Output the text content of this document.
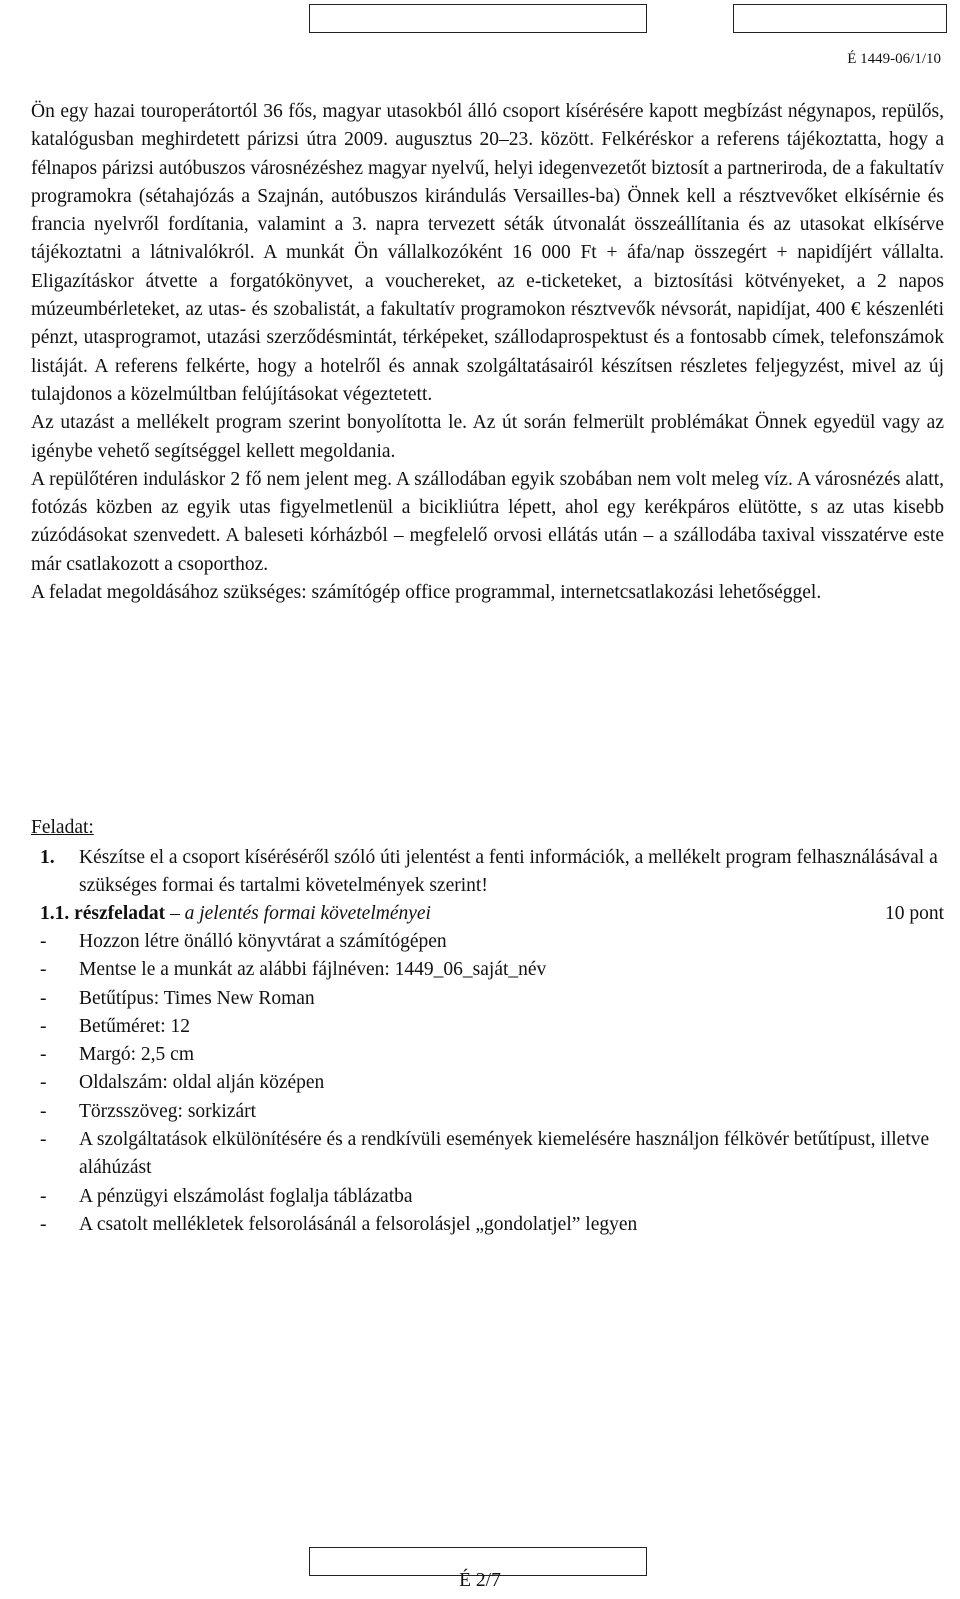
É 1449-06/1/10

Ön egy hazai touroperátortól 36 fős, magyar utasokból álló csoport kísérésére kapott megbízást négynapos, repülős, katalógusban meghirdetett párizsi útra 2009. augusztus 20–23. között. Felkéréskor a referens tájékoztatta, hogy a félnapos párizsi autóbuszos városnézéshez magyar nyelvű, helyi idegenvezetőt biztosít a partneriroda, de a fakultatív programokra (sétahajózás a Szajnán, autóbuszos kirándulás Versailles-ba) Önnek kell a résztvevőket elkísérnie és francia nyelvről fordítania, valamint a 3. napra tervezett séták útvonalát összeállítania és az utasokat elkísérve tájékoztatni a látnivalókról. A munkát Ön vállalkozóként 16 000 Ft + áfa/nap összegért + napidíjért vállalta. Eligazításkor átvette a forgatókönyvet, a vouchereket, az e-ticketeket, a biztosítási kötvényeket, a 2 napos múzeumbérleteket, az utas- és szobalistát, a fakultatív programokon résztvevők névsorát, napidíjat, 400 € készenléti pénzt, utasprogramot, utazási szerződésmintát, térképeket, szállodaprospektust és a fontosabb címek, telefonszámok listáját. A referens felkérte, hogy a hotelről és annak szolgáltatásairól készítsen részletes feljegyzést, mivel az új tulajdonos a közelmúltban felújításokat végeztetett.

Az utazást a mellékelt program szerint bonyolította le. Az út során felmerült problémákat Önnek egyedül vagy az igénybe vehető segítséggel kellett megoldania.

A repülőtéren induláskor 2 fő nem jelent meg. A szállodában egyik szobában nem volt meleg víz. A városnézés alatt, fotózás közben az egyik utas figyelmetlenül a bicikliútra lépett, ahol egy kerékpáros elütötte, s az utas kisebb zúzódásokat szenvedett. A baleseti kórházból – megfelelő orvosi ellátás után – a szállodába taxival visszatérve este már csatlakozott a csoporthoz.

A feladat megoldásához szükséges: számítógép office programmal, internetcsatlakozási lehetőséggel.

Feladat:
1. Készítse el a csoport kíséréséről szóló úti jelentést a fenti információk, a mellékelt program felhasználásával a szükséges formai és tartalmi követelmények szerint!
1.1. részfeladat – a jelentés formai követelményei	10 pont
- Hozzon létre önálló könyvtárat a számítógépen
- Mentse le a munkát az alábbi fájlnéven: 1449_06_saját_név
- Betűtípus: Times New Roman
- Betűméret: 12
- Margó: 2,5 cm
- Oldalszám: oldal alján középen
- Törzsszöveg: sorkizárt
- A szolgáltatások elkülönítésére és a rendkívüli események kiemelésére használjon félkövér betűtípust, illetve aláhúzást
- A pénzügyi elszámolást foglalja táblázatba
- A csatolt mellékletek felsorolásánál a felsorolásjel „gondolatjel” legyen
É 2/7
